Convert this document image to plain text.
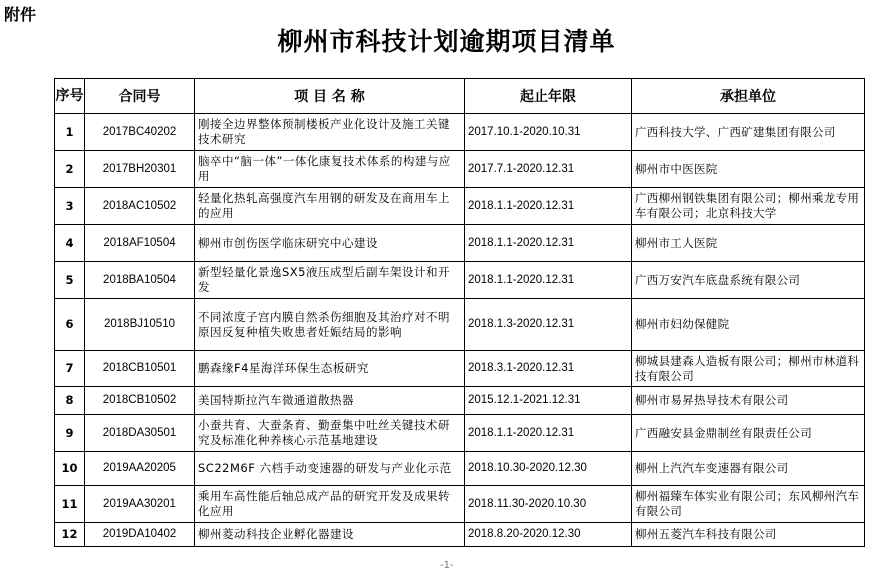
附件
柳州市科技计划逾期项目清单
序号	合同号	项 目 名 称	起止年限	承担单位
1	2017BC40202	刚接全边界整体预制楼板产业化设计及施工关键技术研究	2017.10.1-2020.10.31	广西科技大学、广西矿建集团有限公司
2	2017BH20301	脑卒中“脑一体”一体化康复技术体系的构建与应用	2017.7.1-2020.12.31	柳州市中医医院
3	2018AC10502	轻量化热轧高强度汽车用钢的研发及在商用车上的应用	2018.1.1-2020.12.31	广西柳州钢铁集团有限公司；柳州乘龙专用车有限公司；北京科技大学
4	2018AF10504	柳州市创伤医学临床研究中心建设	2018.1.1-2020.12.31	柳州市工人医院
5	2018BA10504	新型轻量化景逸SX5液压成型后副车架设计和开发	2018.1.1-2020.12.31	广西万安汽车底盘系统有限公司
6	2018BJ10510	不同浓度子宫内膜自然杀伤细胞及其治疗对不明原因反复种植失败患者妊娠结局的影响	2018.1.3-2020.12.31	柳州市妇幼保健院
7	2018CB10501	鹏森缘F4星海洋环保生态板研究	2018.3.1-2020.12.31	柳城县建森人造板有限公司；柳州市林道科技有限公司
8	2018CB10502	美国特斯拉汽车微通道散热器	2015.12.1-2021.12.31	柳州市易昇热导技术有限公司
9	2018DA30501	小蚕共育、大蚕条育、勤蚕集中吐丝关键技术研究及标准化种养核心示范基地建设	2018.1.1-2020.12.31	广西融安县金鼎制丝有限责任公司
10	2019AA20205	SC22M6F 六档手动变速器的研发与产业化示范	2018.10.30-2020.12.30	柳州上汽汽车变速器有限公司
11	2019AA30201	乘用车高性能后轴总成产品的研究开发及成果转化应用	2018.11.30-2020.10.30	柳州福臻车体实业有限公司；东风柳州汽车有限公司
12	2019DA10402	柳州菱动科技企业孵化器建设	2018.8.20-2020.12.30	柳州五菱汽车科技有限公司
-1-
